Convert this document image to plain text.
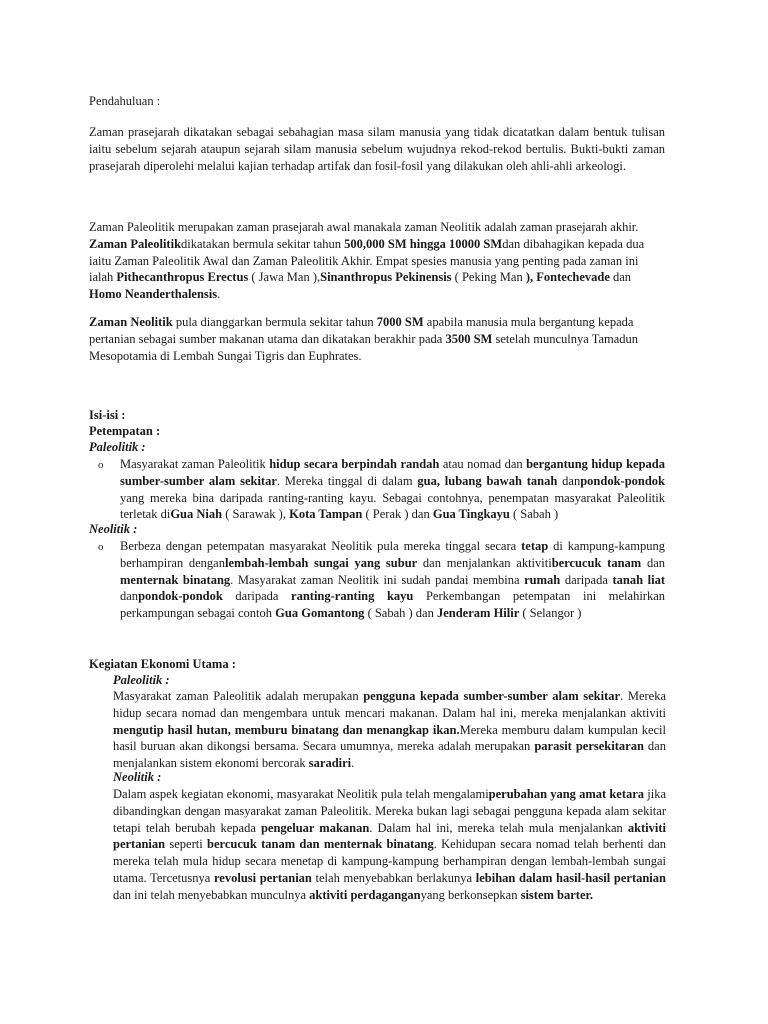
Pendahuluan :

Zaman prasejarah dikatakan sebagai sebahagian masa silam manusia yang tidak dicatatkan dalam bentuk tulisan iaitu sebelum sejarah ataupun sejarah silam manusia sebelum wujudnya rekod-rekod bertulis. Bukti-bukti zaman prasejarah diperolehi melalui kajian terhadap artifak dan fosil-fosil yang dilakukan oleh ahli-ahli arkeologi.

Zaman Paleolitik merupakan zaman prasejarah awal manakala zaman Neolitik adalah zaman prasejarah akhir. Zaman Paleolitikdikatakan bermula sekitar tahun 500,000 SM hingga 10000 SMdan dibahagikan kepada dua iaitu Zaman Paleolitik Awal dan Zaman Paleolitik Akhir. Empat spesies manusia yang penting pada zaman ini ialah Pithecanthropus Erectus ( Jawa Man ),Sinanthropus Pekinensis ( Peking Man ), Fontechevade dan Homo Neanderthalensis.

Zaman Neolitik pula dianggarkan bermula sekitar tahun 7000 SM apabila manusia mula bergantung kepada pertanian sebagai sumber makanan utama dan dikatakan berakhir pada 3500 SM setelah munculnya Tamadun Mesopotamia di Lembah Sungai Tigris dan Euphrates.

Isi-isi :
Petempatan :
Paleolitik :
o	Masyarakat zaman Paleolitik hidup secara berpindah randah atau nomad dan bergantung hidup kepada sumber-sumber alam sekitar. Mereka tinggal di dalam gua, lubang bawah tanah danpondok-pondok yang mereka bina daripada ranting-ranting kayu. Sebagai contohnya, penempatan masyarakat Paleolitik terletak diGua Niah ( Sarawak ), Kota Tampan ( Perak ) dan Gua Tingkayu ( Sabah )

Neolitik :
o	Berbeza dengan petempatan masyarakat Neolitik pula mereka tinggal secara tetap di kampung-kampung berhampiran denganlembah-lembah sungai yang subur dan menjalankan aktivitibercucuk tanam dan menternak binatang. Masyarakat zaman Neolitik ini sudah pandai membina rumah daripada tanah liat danpondok-pondok daripada ranting-ranting kayu Perkembangan petempatan ini melahirkan perkampungan sebagai contoh Gua Gomantong ( Sabah ) dan Jenderam Hilir ( Selangor )

Kegiatan Ekonomi Utama :
Paleolitik :

Masyarakat zaman Paleolitik adalah merupakan pengguna kepada sumber-sumber alam sekitar. Mereka hidup secara nomad dan mengembara untuk mencari makanan. Dalam hal ini, mereka menjalankan aktiviti mengutip hasil hutan, memburu binatang dan menangkap ikan.Mereka memburu dalam kumpulan kecil hasil buruan akan dikongsi bersama. Secara umumnya, mereka adalah merupakan parasit persekitaran dan menjalankan sistem ekonomi bercorak saradiri.

Neolitik :

Dalam aspek kegiatan ekonomi, masyarakat Neolitik pula telah mengalamiperubahan yang amat ketara jika dibandingkan dengan masyarakat zaman Paleolitik. Mereka bukan lagi sebagai pengguna kepada alam sekitar tetapi telah berubah kepada pengeluar makanan. Dalam hal ini, mereka telah mula menjalankan aktiviti pertanian seperti bercucuk tanam dan menternak binatang. Kehidupan secara nomad telah berhenti dan mereka telah mula hidup secara menetap di kampung-kampung berhampiran dengan lembah-lembah sungai utama. Tercetusnya revolusi pertanian telah menyebabkan berlakunya lebihan dalam hasil-hasil pertanian dan ini telah menyebabkan munculnya aktiviti perdaganganyang berkonsepkan sistem barter.
